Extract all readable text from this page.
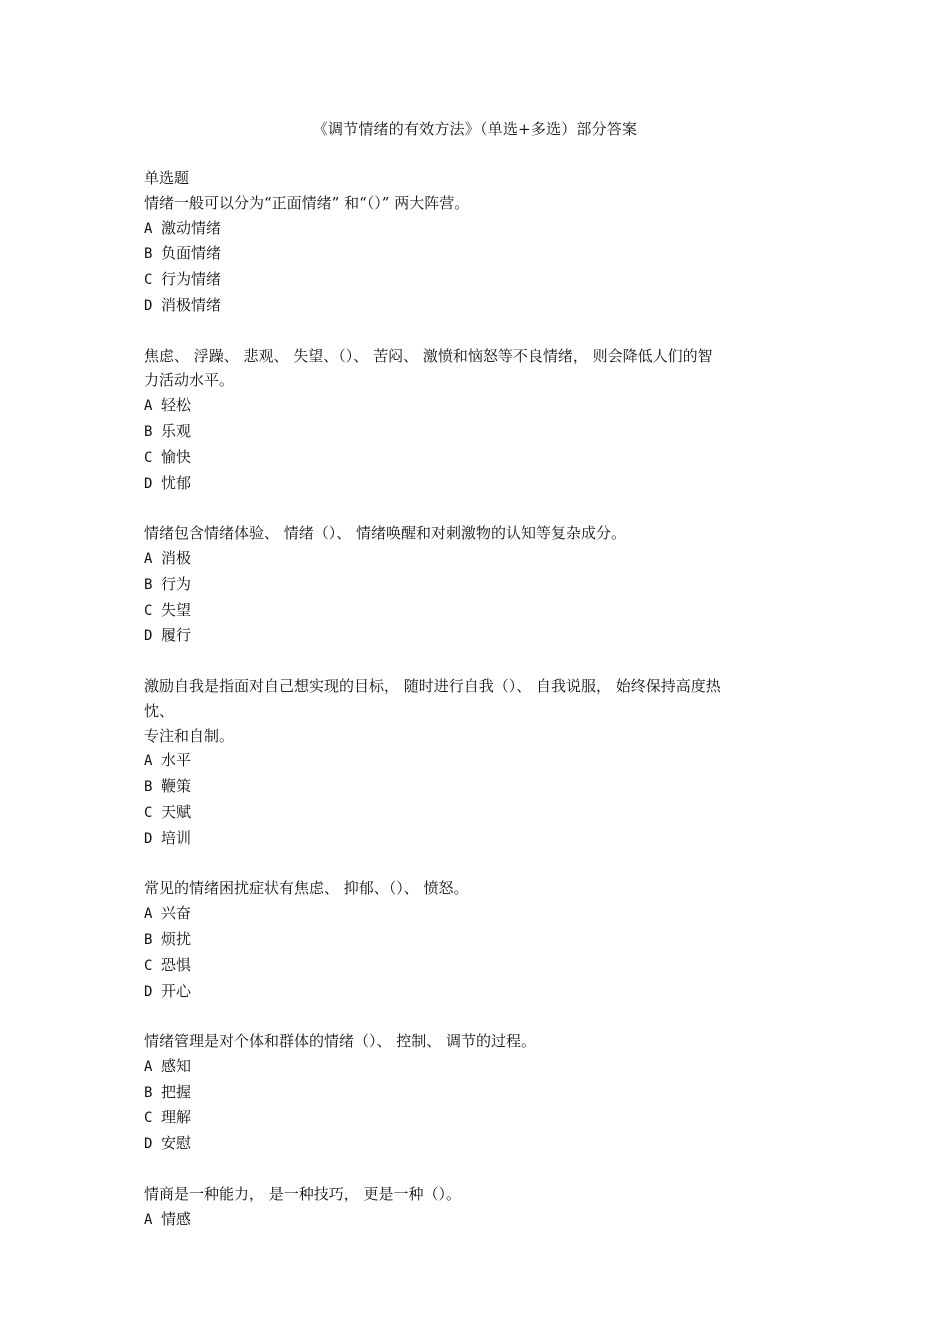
《调节情绪的有效方法》（单选+多选）部分答案

单选题

情绪一般可以分为“正面情绪” 和“（）” 两大阵营。

A 激动情绪

B 负面情绪

C 行为情绪

D 消极情绪

焦虑、 浮躁、 悲观、 失望、（）、 苦闷、 激愤和恼怒等不良情绪， 则会降低人们的智

力活动水平。

A 轻松

B 乐观

C 愉快

D 忧郁

情绪包含情绪体验、 情绪（）、 情绪唤醒和对刺激物的认知等复杂成分。

A 消极

B 行为

C 失望

D 履行

激励自我是指面对自己想实现的目标， 随时进行自我（）、 自我说服， 始终保持高度热

忱、

专注和自制。

A 水平

B 鞭策

C 天赋

D 培训

常见的情绪困扰症状有焦虑、 抑郁、（）、 愤怒。

A 兴奋

B 烦扰

C 恐惧

D 开心

情绪管理是对个体和群体的情绪（）、 控制、 调节的过程。

A 感知

B 把握

C 理解

D 安慰

情商是一种能力， 是一种技巧， 更是一种（）。

A 情感
